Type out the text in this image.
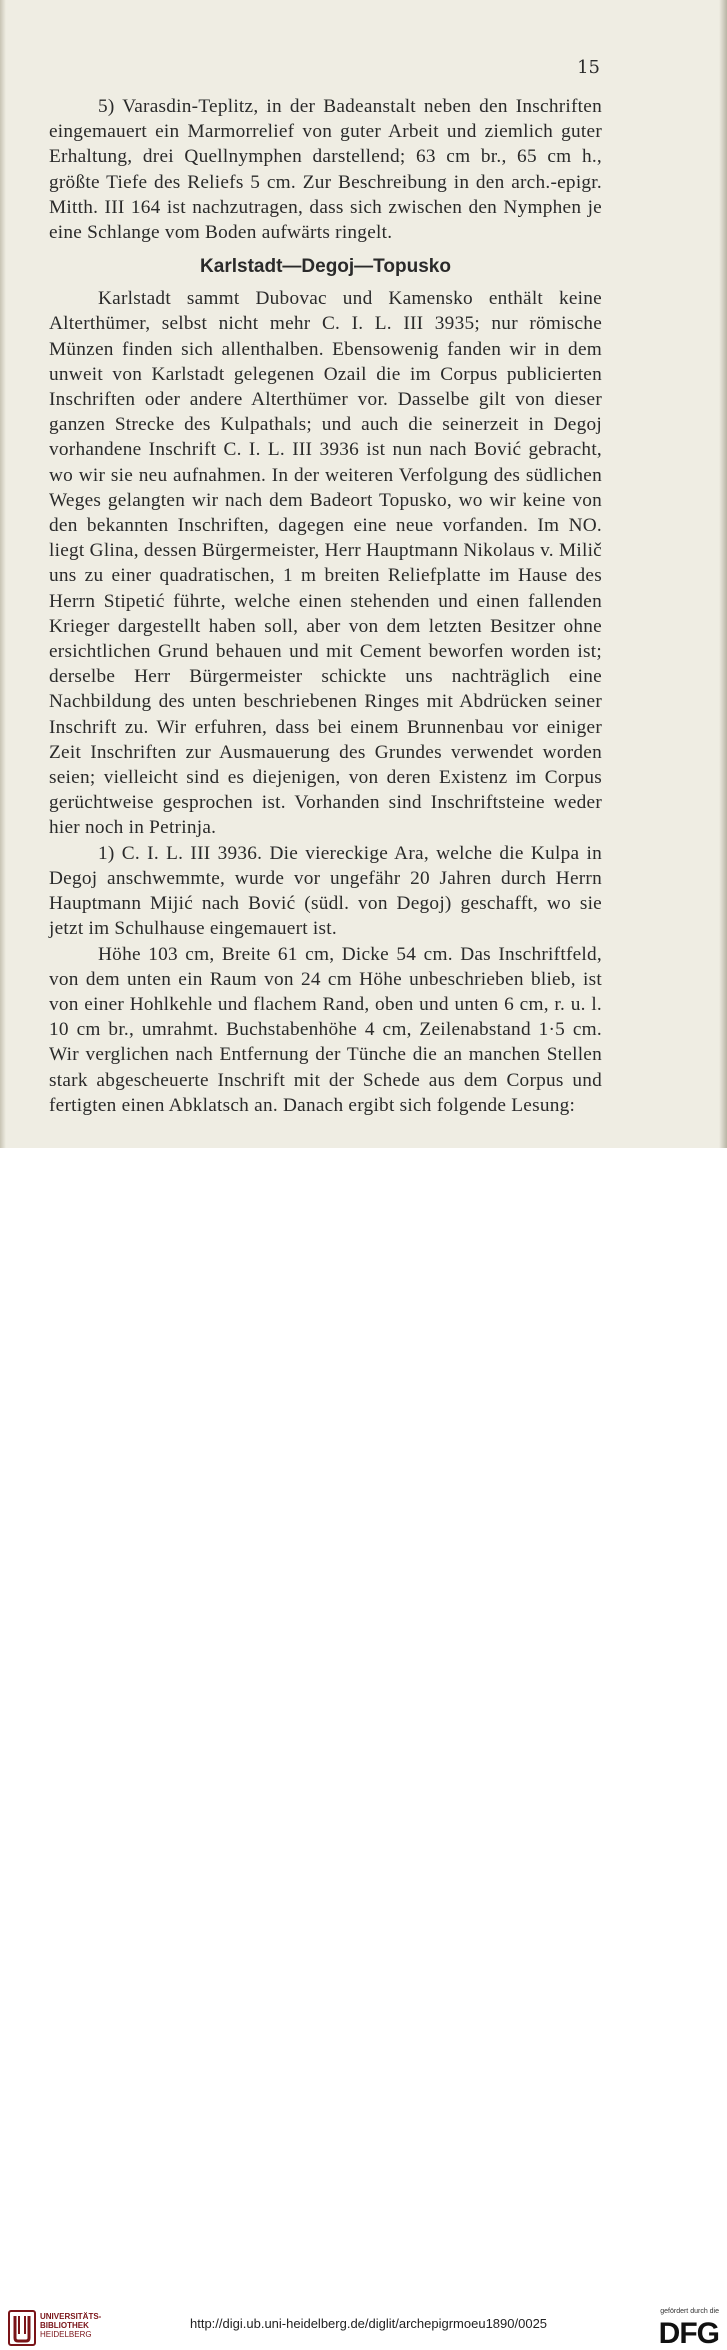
15

5) Varasdin-Teplitz, in der Badeanstalt neben den Inschriften eingemauert ein Marmorrelief von guter Arbeit und ziemlich guter Erhaltung, drei Quellnymphen darstellend; 63 cm br., 65 cm h., größte Tiefe des Reliefs 5 cm. Zur Beschreibung in den arch.-epigr. Mitth. III 164 ist nachzutragen, dass sich zwischen den Nymphen je eine Schlange vom Boden aufwärts ringelt.

Karlstadt—Degoj—Topusko

Karlstadt sammt Dubovac und Kamensko enthält keine Alterthümer, selbst nicht mehr C. I. L. III 3935; nur römische Münzen finden sich allenthalben. Ebensowenig fanden wir in dem unweit von Karlstadt gelegenen Ozail die im Corpus publicierten Inschriften oder andere Alterthümer vor. Dasselbe gilt von dieser ganzen Strecke des Kulpathals; und auch die seinerzeit in Degoj vorhandene Inschrift C. I. L. III 3936 ist nun nach Bović gebracht, wo wir sie neu aufnahmen. In der weiteren Verfolgung des südlichen Weges gelangten wir nach dem Badeort Topusko, wo wir keine von den bekannten Inschriften, dagegen eine neue vorfanden. Im NO. liegt Glina, dessen Bürgermeister, Herr Hauptmann Nikolaus v. Milič uns zu einer quadratischen, 1 m breiten Reliefplatte im Hause des Herrn Stipetić führte, welche einen stehenden und einen fallenden Krieger dargestellt haben soll, aber von dem letzten Besitzer ohne ersichtlichen Grund behauen und mit Cement beworfen worden ist; derselbe Herr Bürgermeister schickte uns nachträglich eine Nachbildung des unten beschriebenen Ringes mit Abdrücken seiner Inschrift zu. Wir erfuhren, dass bei einem Brunnenbau vor einiger Zeit Inschriften zur Ausmauerung des Grundes verwendet worden seien; vielleicht sind es diejenigen, von deren Existenz im Corpus gerüchtweise gesprochen ist. Vorhanden sind Inschriftsteine weder hier noch in Petrinja.

1) C. I. L. III 3936. Die viereckige Ara, welche die Kulpa in Degoj anschwemmte, wurde vor ungefähr 20 Jahren durch Herrn Hauptmann Mijić nach Bović (südl. von Degoj) geschafft, wo sie jetzt im Schulhause eingemauert ist.

Höhe 103 cm, Breite 61 cm, Dicke 54 cm. Das Inschriftfeld, von dem unten ein Raum von 24 cm Höhe unbeschrieben blieb, ist von einer Hohlkehle und flachem Rand, oben und unten 6 cm, r. u. l. 10 cm br., umrahmt. Buchstabenhöhe 4 cm, Zeilenabstand 1·5 cm. Wir verglichen nach Entfernung der Tünche die an manchen Stellen stark abgescheuerte Inschrift mit der Schede aus dem Corpus und fertigten einen Abklatsch an. Danach ergibt sich folgende Lesung:

UNIVERSITÄTS-
BIBLIOTHEK
HEIDELBERG
http://digi.ub.uni-heidelberg.de/diglit/archepigrmoeu1890/0025
gefördert durch die
DFG
